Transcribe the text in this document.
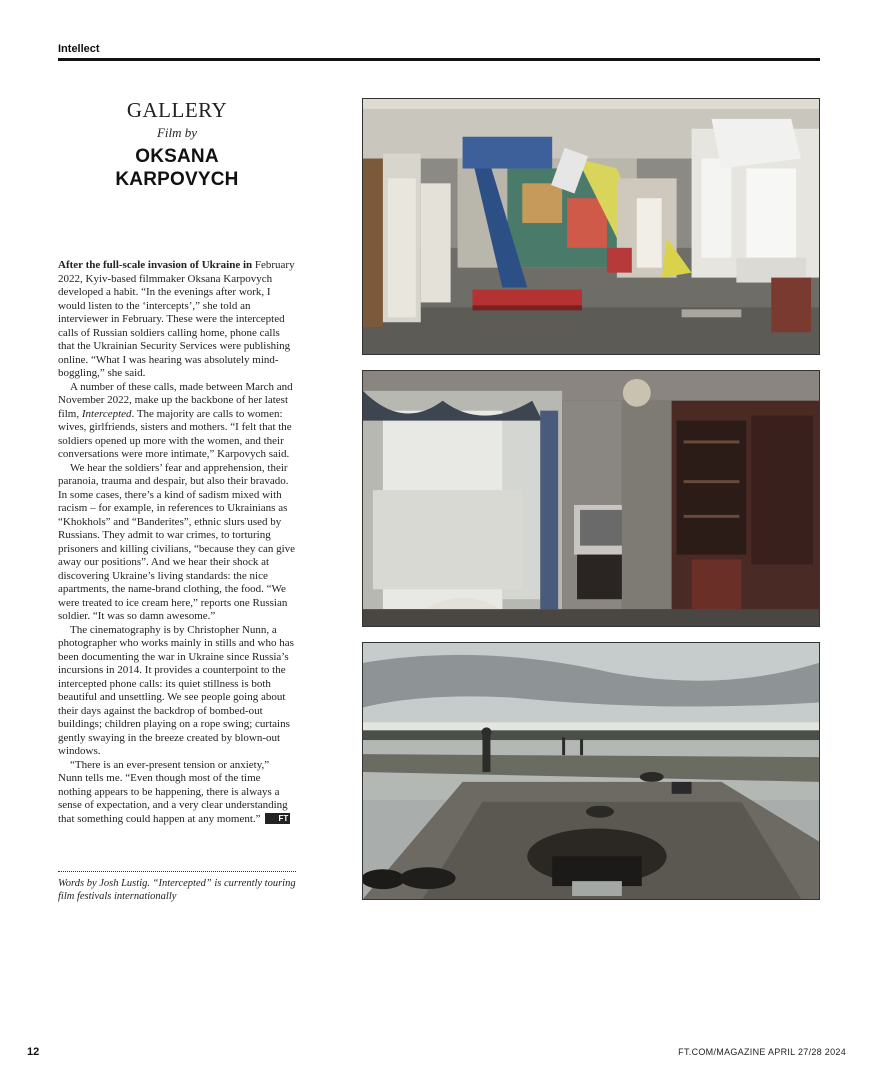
Intellect
GALLERY
Film by
OKSANA
KARPOVYCH

After the full-scale invasion of Ukraine in February 2022, Kyiv-based filmmaker Oksana Karpovych developed a habit. “In the evenings after work, I would listen to the ‘intercepts’,” she told an interviewer in February. These were the intercepted calls of Russian soldiers calling home, phone calls that the Ukrainian Security Services were publishing online. “What I was hearing was absolutely mind-boggling,” she said.

A number of these calls, made between March and November 2022, make up the backbone of her latest film, Intercepted. The majority are calls to women: wives, girlfriends, sisters and mothers. “I felt that the soldiers opened up more with the women, and their conversations were more intimate,” Karpovych said.

We hear the soldiers’ fear and apprehension, their paranoia, trauma and despair, but also their bravado. In some cases, there’s a kind of sadism mixed with racism – for example, in references to Ukrainians as “Khokhols” and “Banderites”, ethnic slurs used by Russians. They admit to war crimes, to torturing prisoners and killing civilians, “because they can give away our positions”. And we hear their shock at discovering Ukraine’s living standards: the nice apartments, the name-brand clothing, the food. “We were treated to ice cream here,” reports one Russian soldier. “It was so damn awesome.”

The cinematography is by Christopher Nunn, a photographer who works mainly in stills and who has been documenting the war in Ukraine since Russia’s incursions in 2014. It provides a counterpoint to the intercepted phone calls: its quiet stillness is both beautiful and unsettling. We see people going about their days against the backdrop of bombed-out buildings; children playing on a rope swing; curtains gently swaying in the breeze created by blown-out windows.

“There is an ever-present tension or anxiety,” Nunn tells me. “Even though most of the time nothing appears to be happening, there is always a sense of expectation, and a very clear understanding that something could happen at any moment.” FT

Words by Josh Lustig. “Intercepted” is currently touring film festivals internationally
12	FT.COM/MAGAZINE APRIL 27/28 2024
